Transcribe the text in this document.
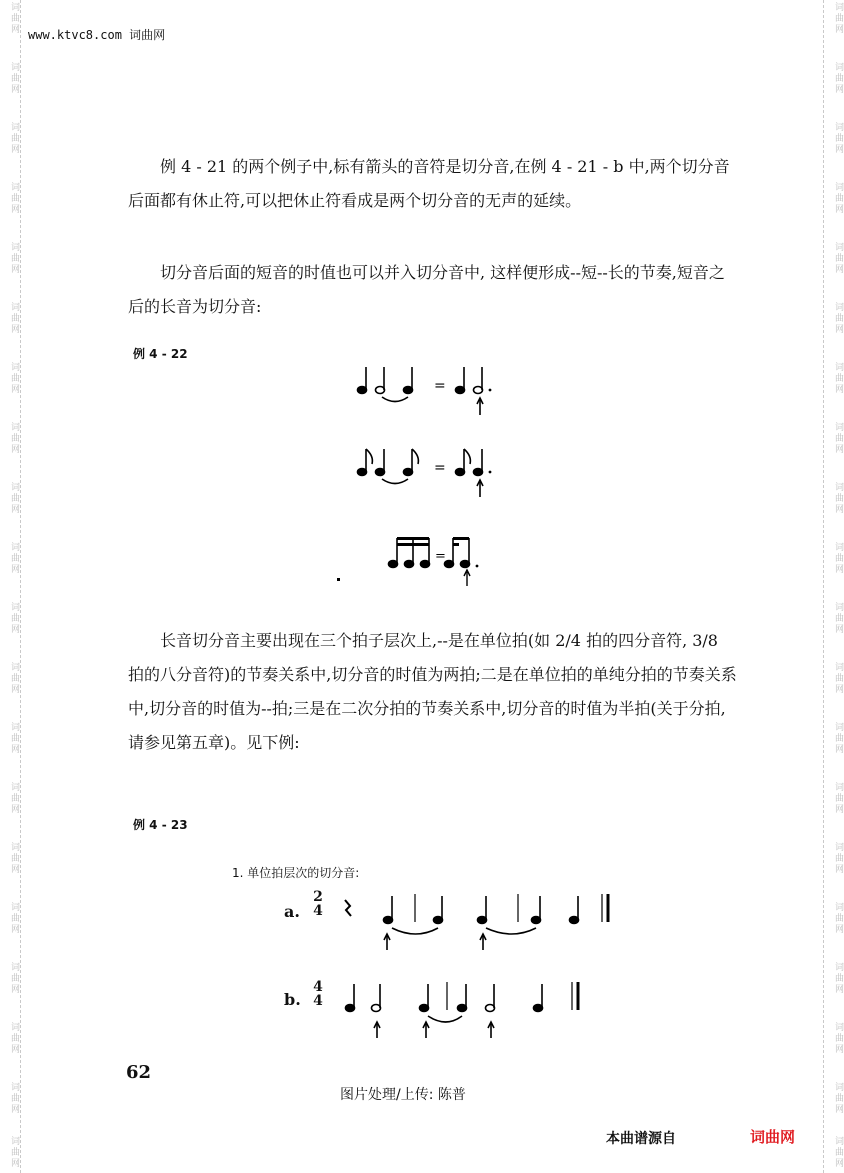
词曲网
词曲网
词曲网
词曲网
词曲网
词曲网
词曲网
词曲网
词曲网
词曲网
词曲网
词曲网
词曲网
词曲网
词曲网
词曲网
词曲网
词曲网
词曲网
词曲网
词曲网
词曲网
词曲网
词曲网
词曲网
词曲网
词曲网
词曲网
词曲网
词曲网
词曲网
词曲网
词曲网
词曲网
词曲网
词曲网
词曲网
词曲网
词曲网
词曲网
www.ktvc8.com 词曲网
例 4 - 21 的两个例子中,标有箭头的音符是切分音,在例 4 - 21 - b 中,两个切分音后面都有休止符,可以把休止符看成是两个切分音的无声的延续。
切分音后面的短音的时值也可以并入切分音中, 这样便形成--短--长的节奏,短音之后的长音为切分音:
例 4 - 22
=
=
=
长音切分音主要出现在三个拍子层次上,--是在单位拍(如 2/4 拍的四分音符, 3/8 拍的八分音符)的节奏关系中,切分音的时值为两拍;二是在单位拍的单纯分拍的节奏关系中,切分音的时值为--拍;三是在二次分拍的节奏关系中,切分音的时值为半拍(关于分拍,请参见第五章)。见下例:
例 4 - 23
1. 单位拍层次的切分音:
a.
2
4
b.
4
4
62
图片处理/上传: 陈普
本曲谱源自	词曲网
